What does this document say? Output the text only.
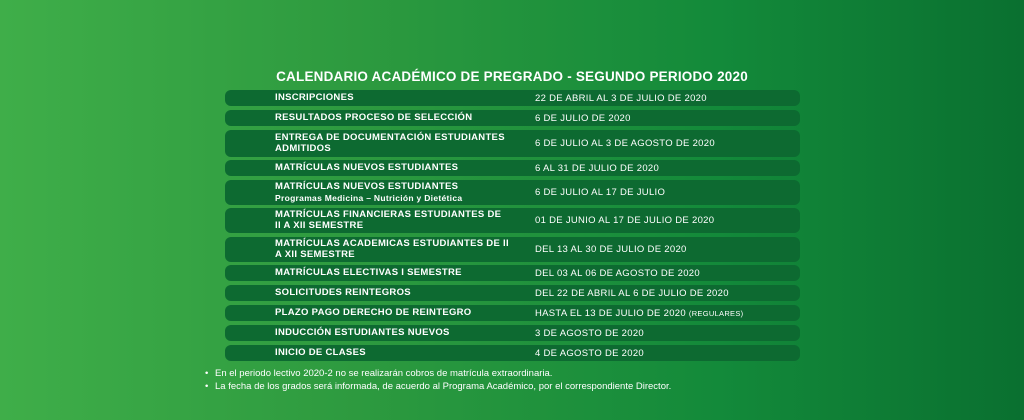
CALENDARIO ACADÉMICO DE PREGRADO - SEGUNDO PERIODO 2020
INSCRIPCIONES	22 DE ABRIL AL 3 DE JULIO DE 2020
RESULTADOS PROCESO DE SELECCIÓN	6 DE JULIO DE 2020
ENTREGA DE DOCUMENTACIÓN ESTUDIANTES ADMITIDOS	6 DE JULIO AL 3 DE AGOSTO DE 2020
MATRÍCULAS NUEVOS ESTUDIANTES	6 AL 31 DE JULIO DE 2020
MATRÍCULAS NUEVOS ESTUDIANTES
Programas Medicina – Nutrición y Dietética	6 DE JULIO AL 17 DE JULIO
MATRÍCULAS FINANCIERAS ESTUDIANTES DE II A XII SEMESTRE	01 DE JUNIO AL 17 DE JULIO DE 2020
MATRÍCULAS ACADEMICAS ESTUDIANTES DE II A XII SEMESTRE	DEL 13 AL 30 DE JULIO DE 2020
MATRÍCULAS ELECTIVAS I SEMESTRE	DEL 03 AL 06 DE AGOSTO DE 2020
SOLICITUDES REINTEGROS	DEL 22 DE ABRIL AL 6 DE JULIO DE 2020
PLAZO PAGO DERECHO DE REINTEGRO	HASTA EL 13 DE JULIO DE 2020 (REGULARES)
INDUCCIÓN ESTUDIANTES NUEVOS	3 DE AGOSTO DE 2020
INICIO DE CLASES	4 DE AGOSTO DE 2020
• En el periodo lectivo 2020-2 no se realizarán cobros de matrícula extraordinaria.
• La fecha de los grados será informada, de acuerdo al Programa Académico, por el correspondiente Director.
